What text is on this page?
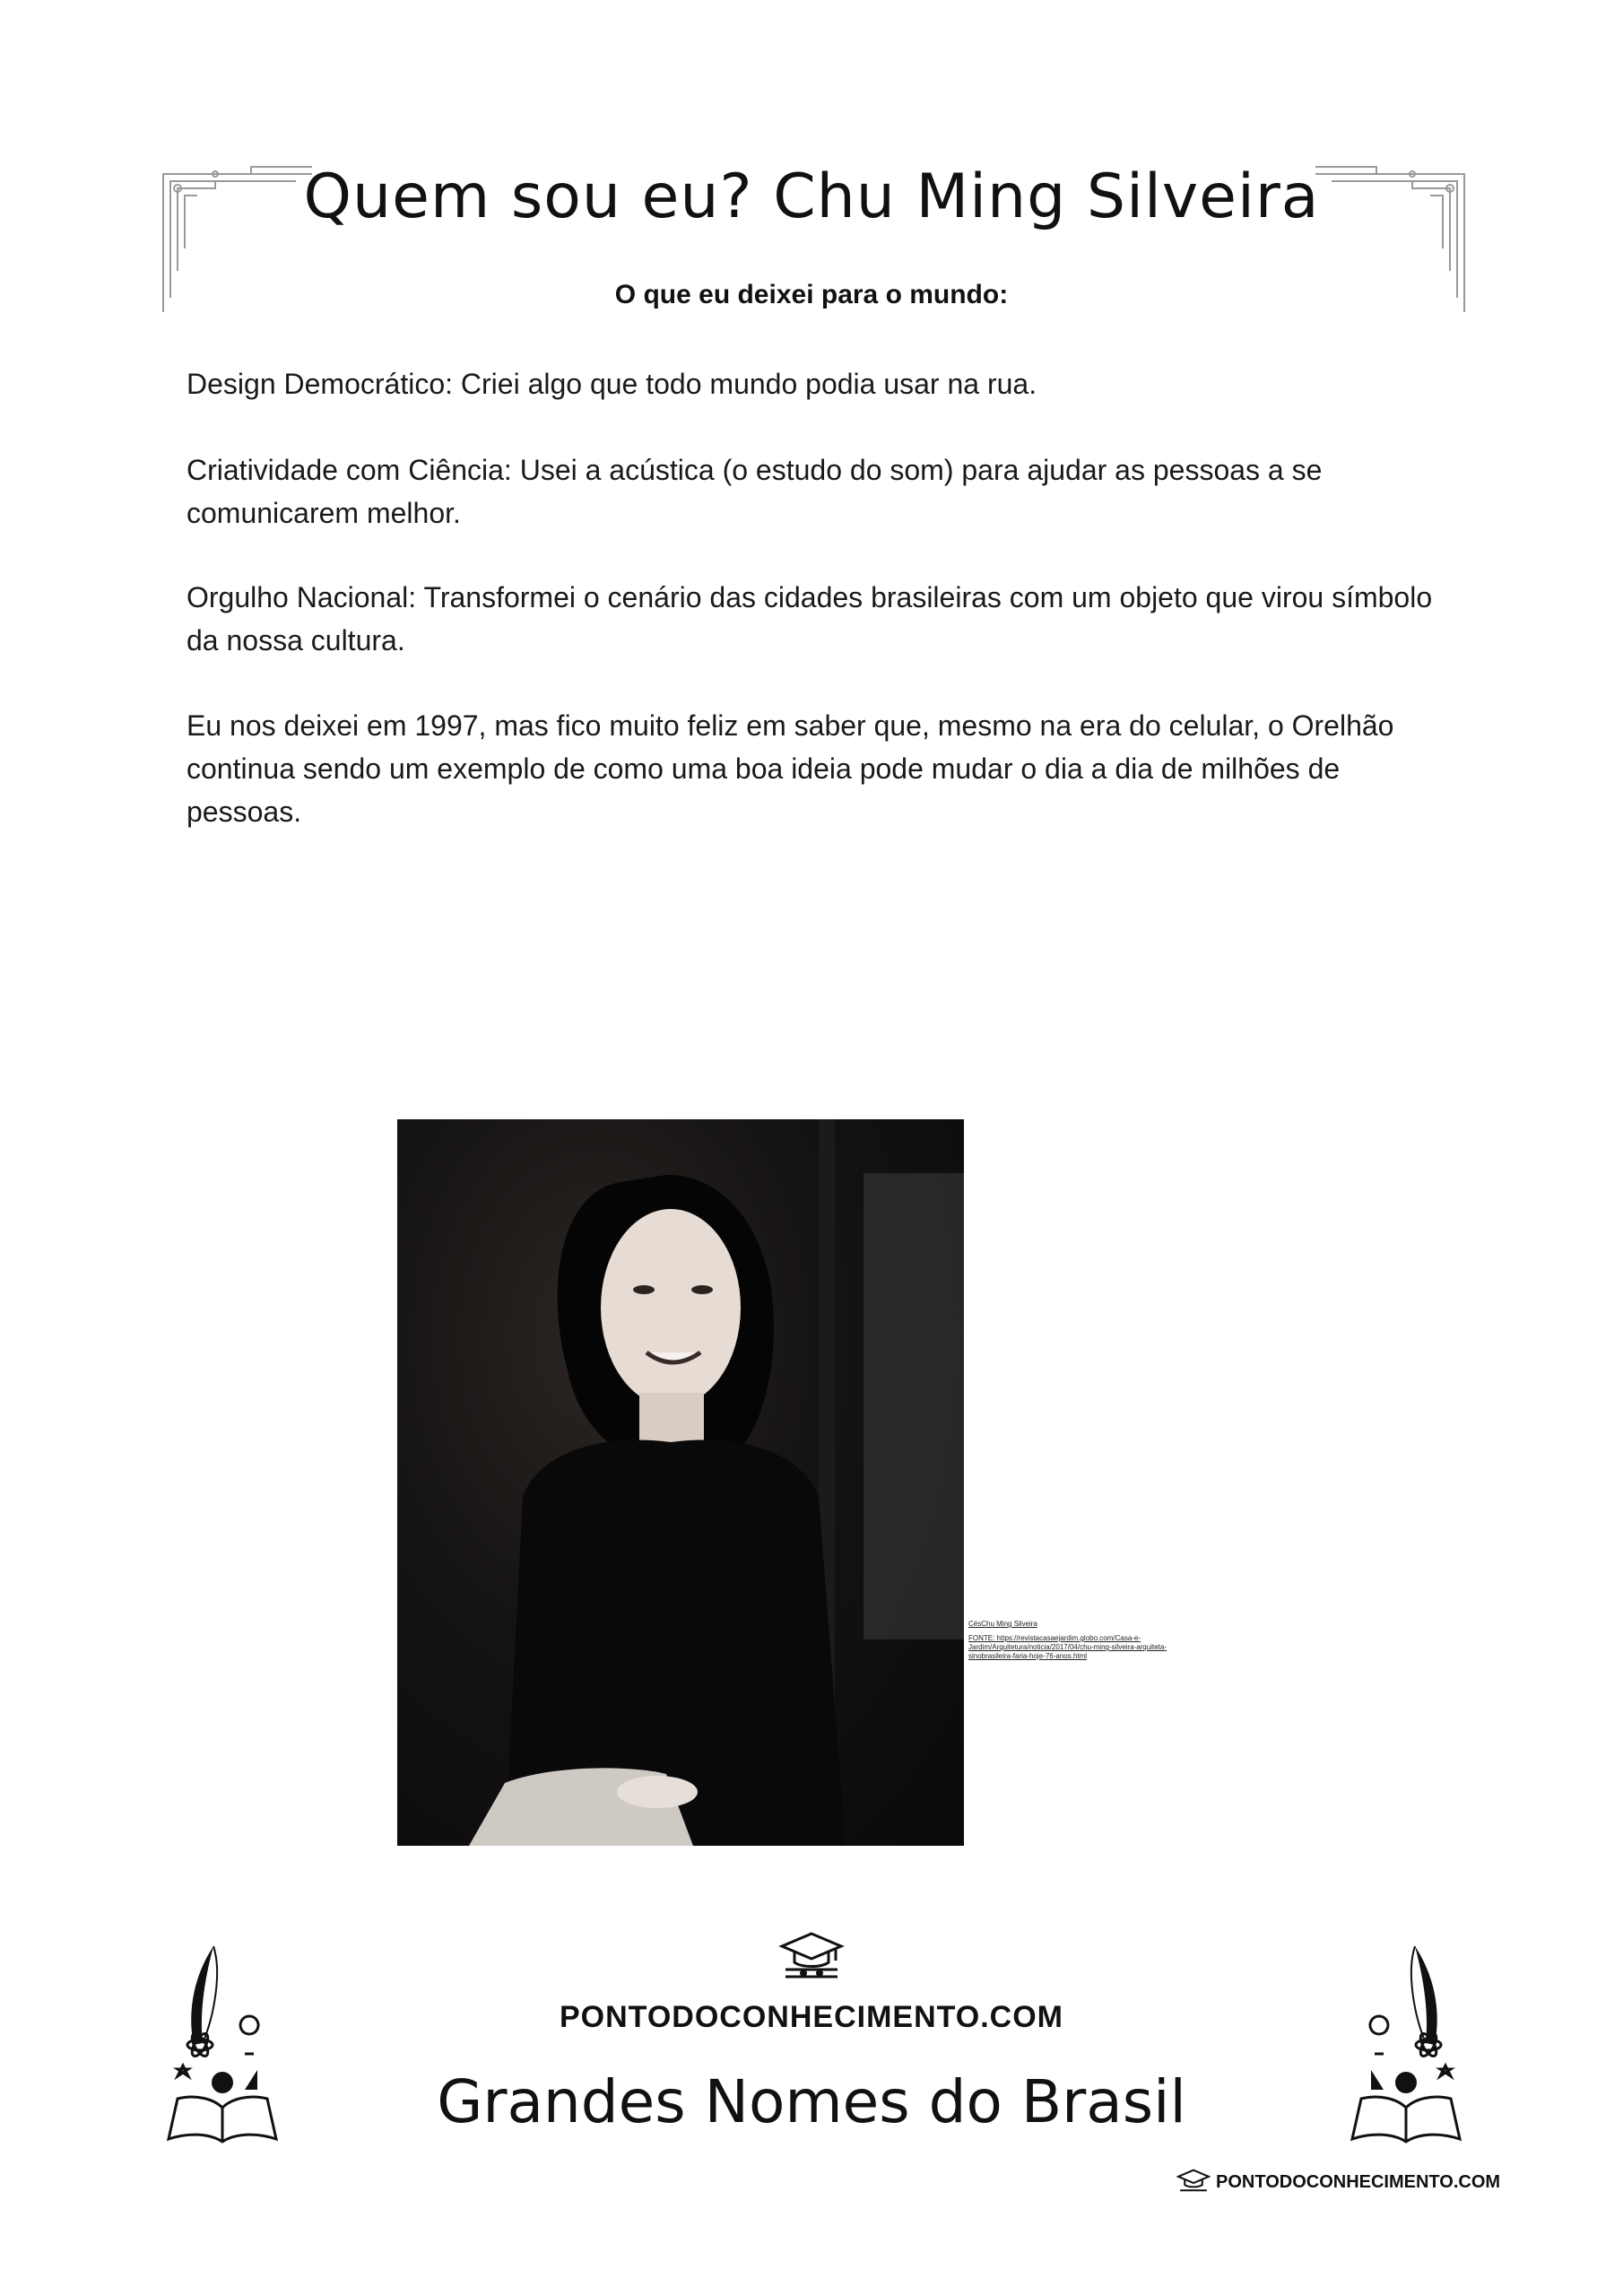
Quem sou eu? Chu Ming Silveira
O que eu deixei para o mundo:
Design Democrático: Criei algo que todo mundo podia usar na rua.
Criatividade com Ciência: Usei a acústica (o estudo do som) para ajudar as pessoas a se comunicarem melhor.
Orgulho Nacional: Transformei o cenário das cidades brasileiras com um objeto que virou símbolo da nossa cultura.
Eu nos deixei em 1997, mas fico muito feliz em saber que, mesmo na era do celular, o Orelhão continua sendo um exemplo de como uma boa ideia pode mudar o dia a dia de milhões de pessoas.
CésChu Ming Silveira
FONTE: https://revistacasaejardim.globo.com/Casa-e-Jardim/Arquitetura/noticia/2017/04/chu-ming-silveira-arquiteta-sinobrasileira-faria-hoje-76-anos.html
PONTODOCONHECIMENTO.COM
Grandes Nomes do Brasil
PONTODOCONHECIMENTO.COM
